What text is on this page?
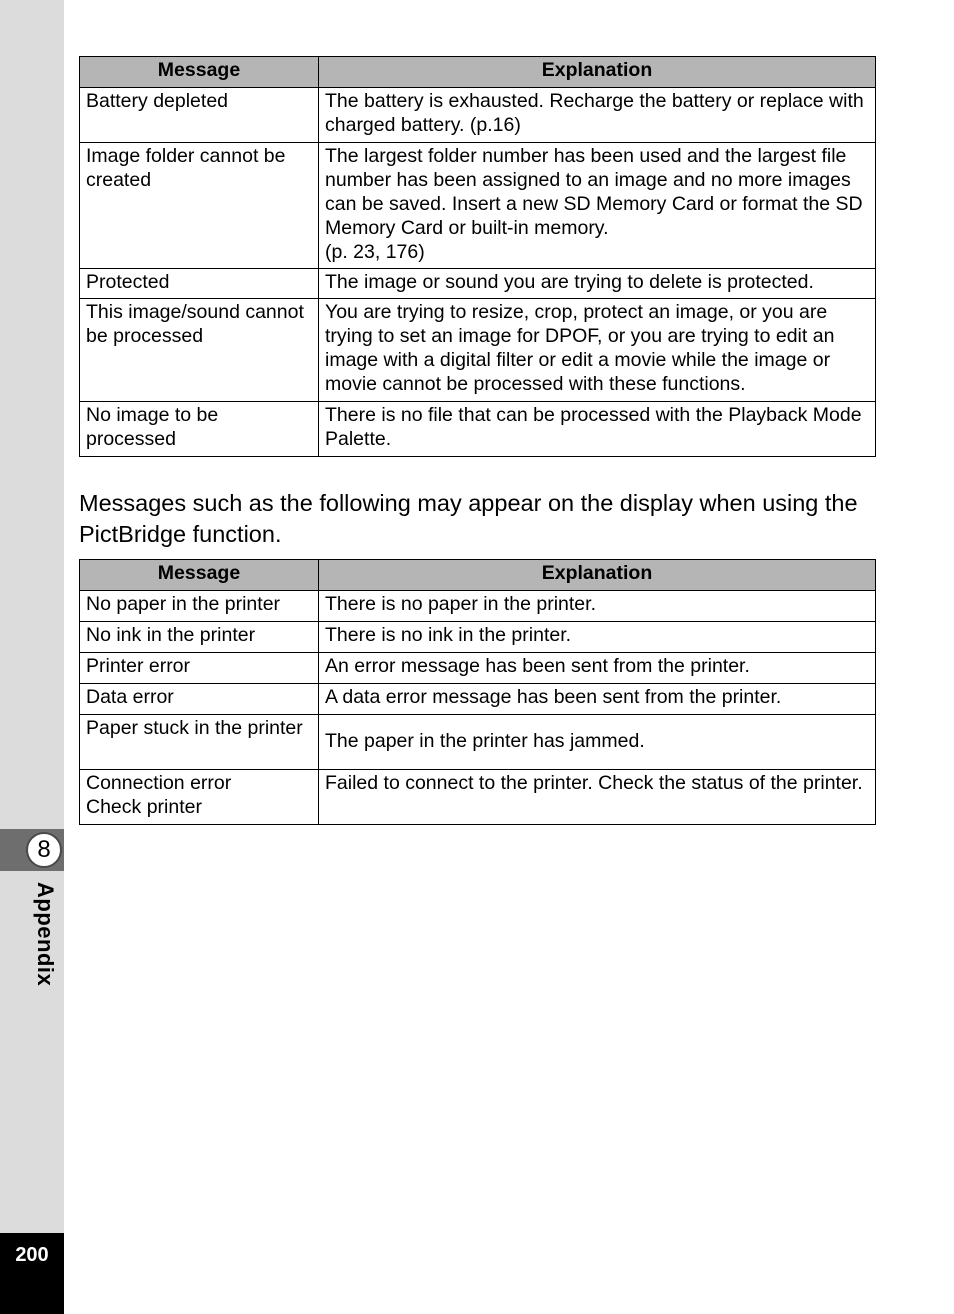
8
Appendix
200
Message	Explanation
Battery depleted	The battery is exhausted. Recharge the battery or replace with charged battery. (p.16)
Image folder cannot be created	The largest folder number has been used and the largest file number has been assigned to an image and no more images can be saved. Insert a new SD Memory Card or format the SD Memory Card or built-in memory.
(p. 23, 176)
Protected	The image or sound you are trying to delete is protected.
This image/sound cannot be processed	You are trying to resize, crop, protect an image, or you are trying to set an image for DPOF, or you are trying to edit an image with a digital filter or edit a movie while the image or movie cannot be processed with these functions.
No image to be processed	There is no file that can be processed with the Playback Mode Palette.
Messages such as the following may appear on the display when using the PictBridge function.
Message	Explanation
No paper in the printer	There is no paper in the printer.
No ink in the printer	There is no ink in the printer.
Printer error	An error message has been sent from the printer.
Data error	A data error message has been sent from the printer.
Paper stuck in the printer	The paper in the printer has jammed.
Connection error
Check printer	Failed to connect to the printer. Check the status of the printer.
